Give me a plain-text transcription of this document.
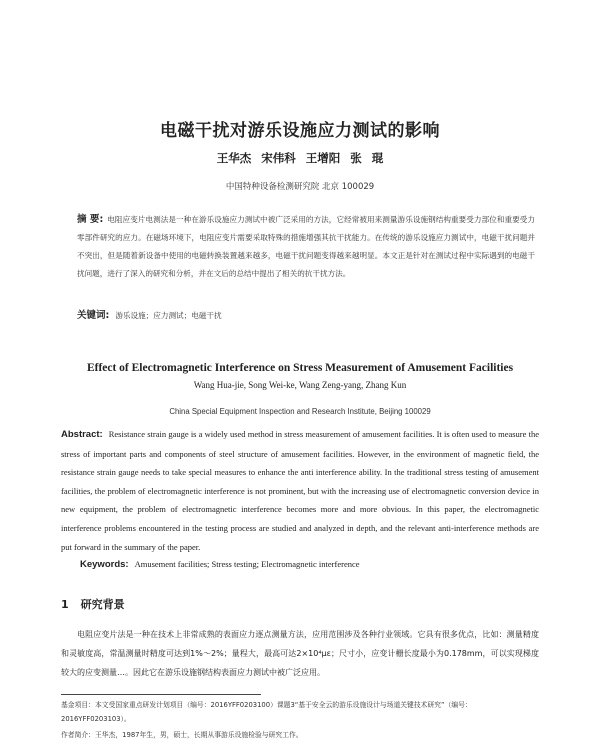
电磁干扰对游乐设施应力测试的影响
王华杰 宋伟科 王增阳 张 琨
中国特种设备检测研究院 北京 100029
摘 要: 电阻应变片电测法是一种在游乐设施应力测试中被广泛采用的方法，它经常被用来测量游乐设施钢结构重要受力部位和重要受力零部件研究的应力。在磁场环境下，电阻应变片需要采取特殊的措施增强其抗干扰能力。在传统的游乐设施应力测试中，电磁干扰问题并不突出，但是随着新设备中使用的电磁转换装置越来越多，电磁干扰问题变得越来越明显。本文正是针对在测试过程中实际遇到的电磁干扰问题，进行了深入的研究和分析，并在文后的总结中提出了相关的抗干扰方法。
关键词: 游乐设施；应力测试；电磁干扰
Effect of Electromagnetic Interference on Stress Measurement of Amusement Facilities
Wang Hua-jie, Song Wei-ke, Wang Zeng-yang, Zhang Kun
China Special Equipment Inspection and Research Institute, Beijing 100029
Abstract: Resistance strain gauge is a widely used method in stress measurement of amusement facilities. It is often used to measure the stress of important parts and components of steel structure of amusement facilities. However, in the environment of magnetic field, the resistance strain gauge needs to take special measures to enhance the anti interference ability. In the traditional stress testing of amusement facilities, the problem of electromagnetic interference is not prominent, but with the increasing use of electromagnetic conversion device in new equipment, the problem of electromagnetic interference becomes more and more obvious. In this paper, the electromagnetic interference problems encountered in the testing process are studied and analyzed in depth, and the relevant anti-interference methods are put forward in the summary of the paper.
Keywords: Amusement facilities; Stress testing; Electromagnetic interference
1 研究背景
电阻应变片法是一种在技术上非常成熟的表面应力逐点测量方法，应用范围涉及各种行业领域。它具有很多优点，比如：测量精度和灵敏度高，常温测量时精度可达到1%～2%；量程大，最高可达2×10⁴με；尺寸小，应变计栅长度最小为0.178mm，可以实现梯度较大的应变测量…。因此它在游乐设施钢结构表面应力测试中被广泛应用。
基金项目：本文受国家重点研发计划项目（编号：2016YFF0203100）课题3“基于安全云的游乐设施设计与场道关键技术研究”（编号：2016YFF0203103）。
作者简介：王华杰，1987年生，男，硕士，长期从事游乐设施检验与研究工作。
